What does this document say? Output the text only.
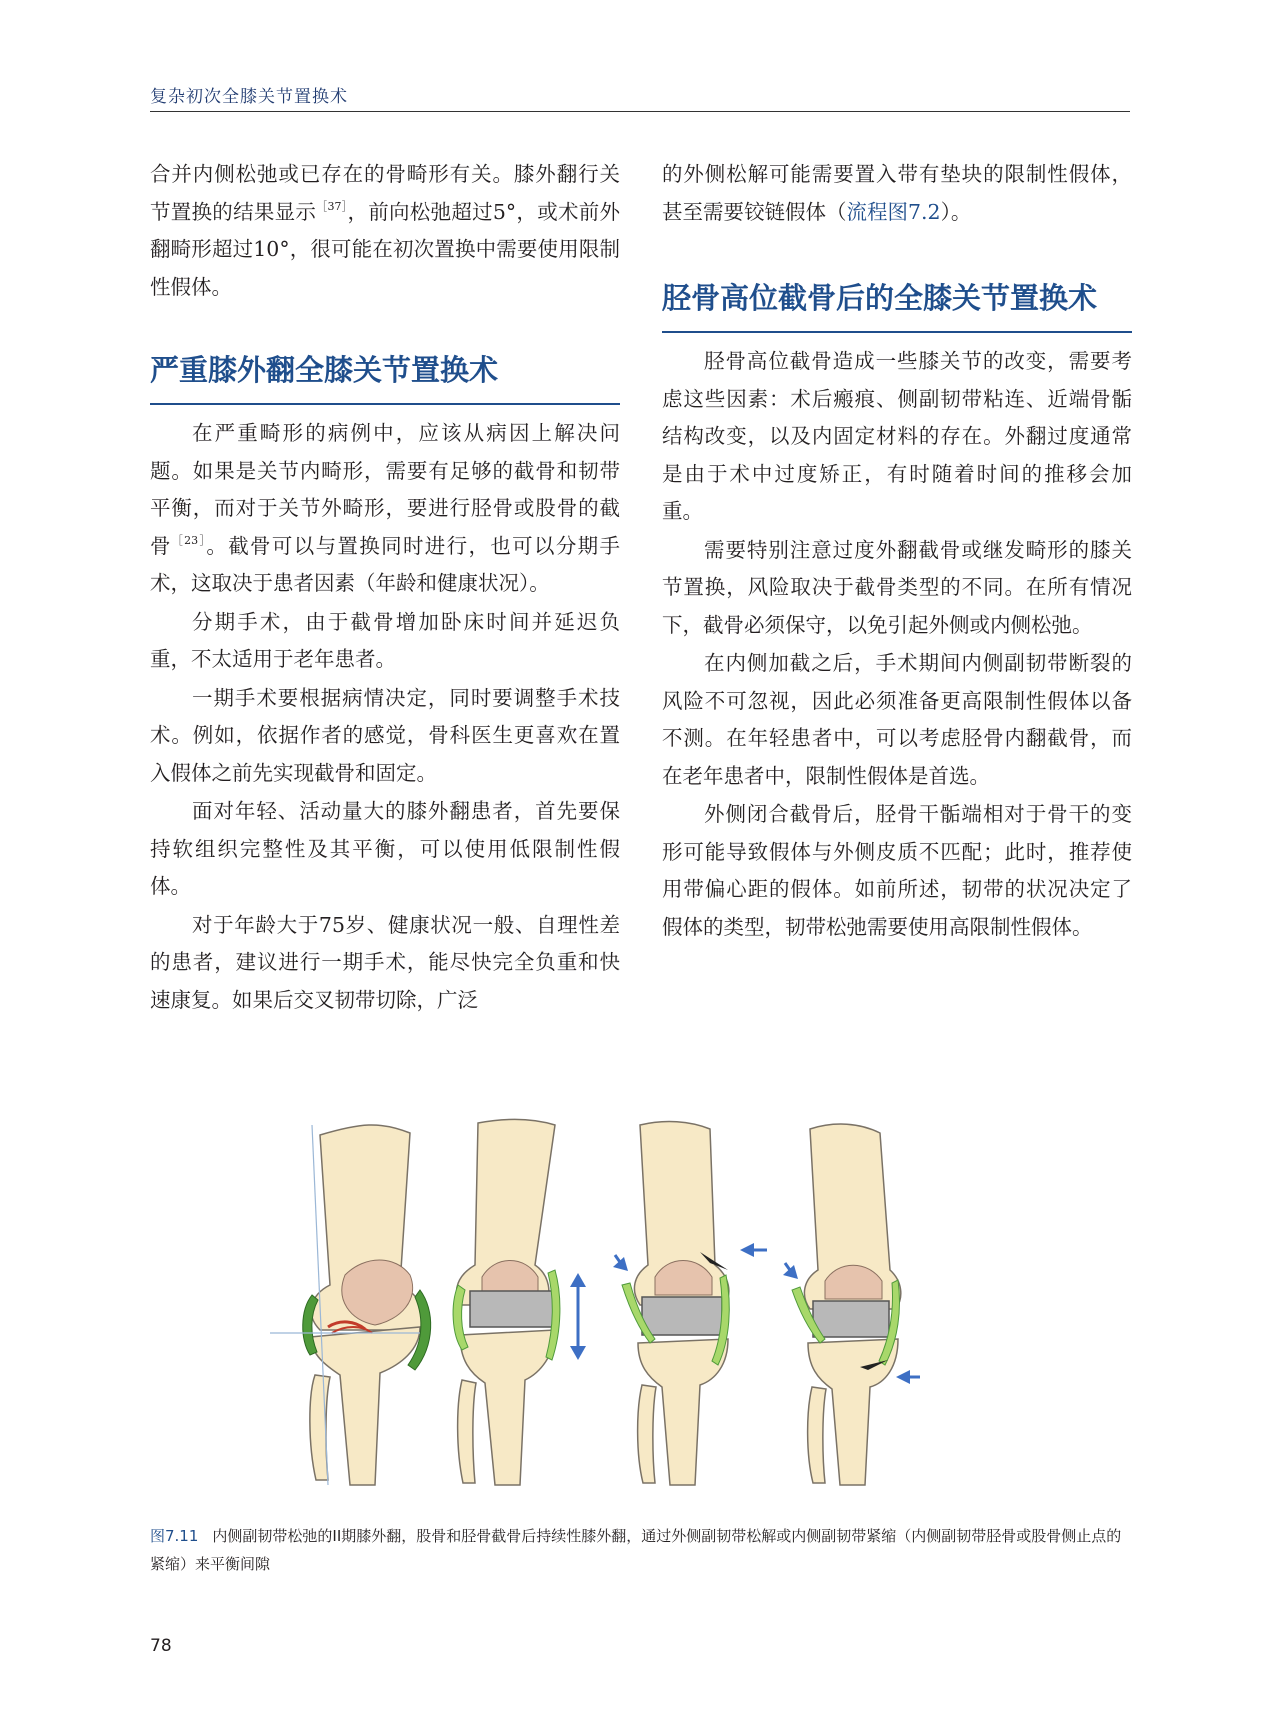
复杂初次全膝关节置换术

合并内侧松弛或已存在的骨畸形有关。膝外翻行关节置换的结果显示$^{[37]}$，前向松弛超过5°，或术前外翻畸形超过10°，很可能在初次置换中需要使用限制性假体。

严重膝外翻全膝关节置换术

在严重畸形的病例中，应该从病因上解决问题。如果是关节内畸形，需要有足够的截骨和韧带平衡，而对于关节外畸形，要进行胫骨或股骨的截骨$^{[23]}$。截骨可以与置换同时进行，也可以分期手术，这取决于患者因素（年龄和健康状况）。

分期手术，由于截骨增加卧床时间并延迟负重，不太适用于老年患者。

一期手术要根据病情决定，同时要调整手术技术。例如，依据作者的感觉，骨科医生更喜欢在置入假体之前先实现截骨和固定。

面对年轻、活动量大的膝外翻患者，首先要保持软组织完整性及其平衡，可以使用低限制性假体。

对于年龄大于75岁、健康状况一般、自理性差的患者，建议进行一期手术，能尽快完全负重和快速康复。如果后交叉韧带切除，广泛

的外侧松解可能需要置入带有垫块的限制性假体，甚至需要铰链假体（流程图7.2）。

胫骨高位截骨后的全膝关节置换术

胫骨高位截骨造成一些膝关节的改变，需要考虑这些因素：术后瘢痕、侧副韧带粘连、近端骨骺结构改变，以及内固定材料的存在。外翻过度通常是由于术中过度矫正，有时随着时间的推移会加重。

需要特别注意过度外翻截骨或继发畸形的膝关节置换，风险取决于截骨类型的不同。在所有情况下，截骨必须保守，以免引起外侧或内侧松弛。

在内侧加截之后，手术期间内侧副韧带断裂的风险不可忽视，因此必须准备更高限制性假体以备不测。在年轻患者中，可以考虑胫骨内翻截骨，而在老年患者中，限制性假体是首选。

外侧闭合截骨后，胫骨干骺端相对于骨干的变形可能导致假体与外侧皮质不匹配；此时，推荐使用带偏心距的假体。如前所述，韧带的状况决定了假体的类型，韧带松弛需要使用高限制性假体。

图7.11 内侧副韧带松弛的II期膝外翻，股骨和胫骨截骨后持续性膝外翻，通过外侧副韧带松解或内侧副韧带紧缩（内侧副韧带胫骨或股骨侧止点的紧缩）来平衡间隙
78
